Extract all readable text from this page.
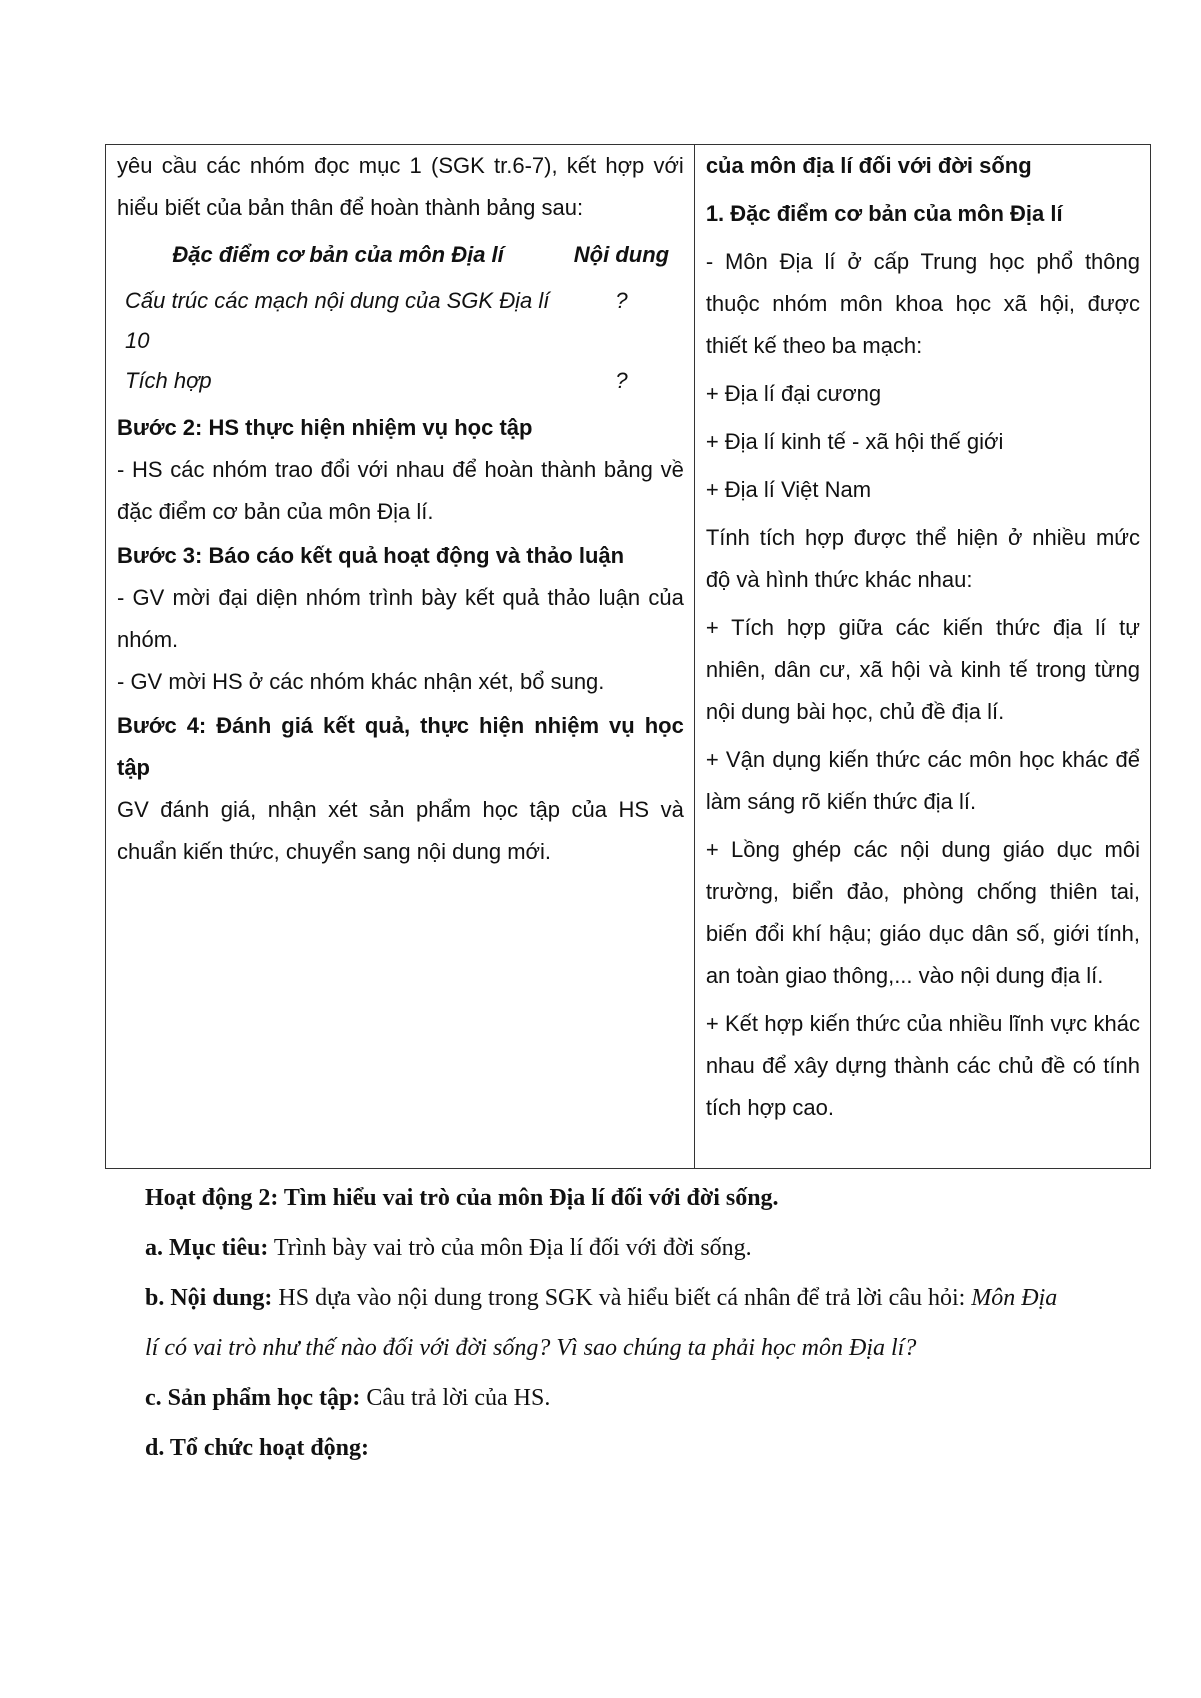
yêu cầu các nhóm đọc mục 1 (SGK tr.6-7), kết hợp với hiểu biết của bản thân để hoàn thành bảng sau:

Đặc điểm cơ bản của môn Địa lí	Nội dung
Cấu trúc các mạch nội dung của SGK Địa lí 10	?
Tích hợp	?

Bước 2: HS thực hiện nhiệm vụ học tập

- HS các nhóm trao đổi với nhau để hoàn thành bảng về đặc điểm cơ bản của môn Địa lí.

Bước 3: Báo cáo kết quả hoạt động và thảo luận

- GV mời đại diện nhóm trình bày kết quả thảo luận của nhóm.

- GV mời HS ở các nhóm khác nhận xét, bổ sung.

Bước 4: Đánh giá kết quả, thực hiện nhiệm vụ học tập

GV đánh giá, nhận xét sản phẩm học tập của HS và chuẩn kiến thức, chuyển sang nội dung mới.

của môn địa lí đối với đời sống

1. Đặc điểm cơ bản của môn Địa lí

- Môn Địa lí ở cấp Trung học phổ thông thuộc nhóm môn khoa học xã hội, được thiết kế theo ba mạch:

+ Địa lí đại cương

+ Địa lí kinh tế - xã hội thế giới

+ Địa lí Việt Nam

Tính tích hợp được thể hiện ở nhiều mức độ và hình thức khác nhau:

+ Tích hợp giữa các kiến thức địa lí tự nhiên, dân cư, xã hội và kinh tế trong từng nội dung bài học, chủ đề địa lí.

+ Vận dụng kiến thức các môn học khác để làm sáng rõ kiến thức địa lí.

+ Lồng ghép các nội dung giáo dục môi trường, biển đảo, phòng chống thiên tai, biến đổi khí hậu; giáo dục dân số, giới tính, an toàn giao thông,... vào nội dung địa lí.

+ Kết hợp kiến thức của nhiều lĩnh vực khác nhau để xây dựng thành các chủ đề có tính tích hợp cao.

Hoạt động 2: Tìm hiểu vai trò của môn Địa lí đối với đời sống.

a. Mục tiêu: Trình bày vai trò của môn Địa lí đối với đời sống.

b. Nội dung: HS dựa vào nội dung trong SGK và hiểu biết cá nhân để trả lời câu hỏi: Môn Địa lí có vai trò như thế nào đối với đời sống? Vì sao chúng ta phải học môn Địa lí?

c. Sản phẩm học tập: Câu trả lời của HS.

d. Tổ chức hoạt động:
